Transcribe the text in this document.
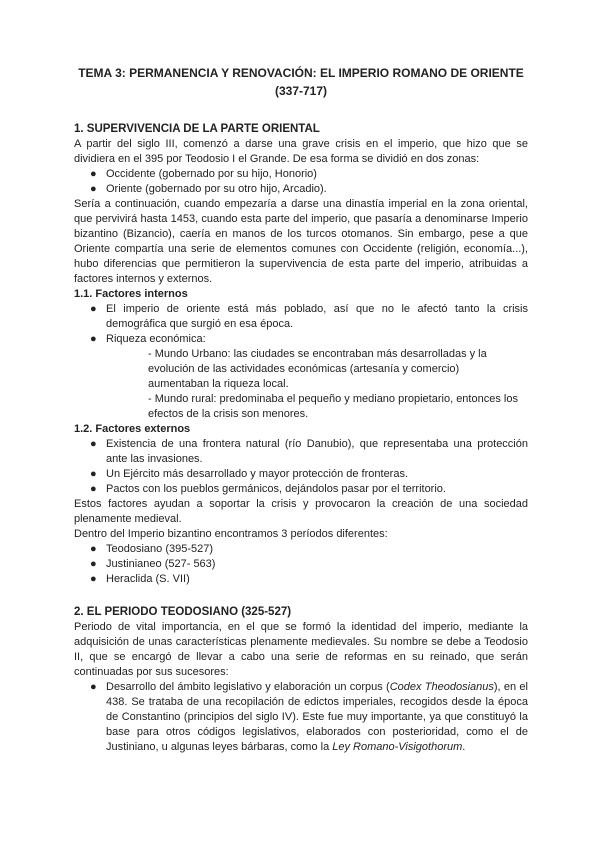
TEMA 3: PERMANENCIA Y RENOVACIÓN: EL IMPERIO ROMANO DE ORIENTE
(337-717)
1. SUPERVIVENCIA DE LA PARTE ORIENTAL

A partir del siglo III, comenzó a darse una grave crisis en el imperio, que hizo que se dividiera en el 395 por Teodosio I el Grande. De esa forma se dividió en dos zonas:

● Occidente (gobernado por su hijo, Honorio)
● Oriente (gobernado por su otro hijo, Arcadio).

Sería a continuación, cuando empezaría a darse una dinastía imperial en la zona oriental, que pervivirá hasta 1453, cuando esta parte del imperio, que pasaría a denominarse Imperio bizantino (Bizancio), caería en manos de los turcos otomanos. Sin embargo, pese a que Oriente compartía una serie de elementos comunes con Occidente (religión, economía...), hubo diferencias que permitieron la supervivencia de esta parte del imperio, atribuidas a factores internos y externos.

1.1. Factores internos
● El imperio de oriente está más poblado, así que no le afectó tanto la crisis demográfica que surgió en esa época.
● Riqueza económica:
- Mundo Urbano: las ciudades se encontraban más desarrolladas y la evolución de las actividades económicas (artesanía y comercio) aumentaban la riqueza local.
- Mundo rural: predominaba el pequeño y mediano propietario, entonces los efectos de la crisis son menores.
1.2. Factores externos
● Existencia de una frontera natural (río Danubio), que representaba una protección ante las invasiones.
● Un Ejército más desarrollado y mayor protección de fronteras.
● Pactos con los pueblos germánicos, dejándolos pasar por el territorio.

Estos factores ayudan a soportar la crisis y provocaron la creación de una sociedad plenamente medieval.

Dentro del Imperio bizantino encontramos 3 períodos diferentes:

● Teodosiano (395-527)
● Justinianeo (527- 563)
● Heraclida (S. VII)
2. EL PERIODO TEODOSIANO (325-527)

Periodo de vital importancia, en el que se formó la identidad del imperio, mediante la adquisición de unas características plenamente medievales. Su nombre se debe a Teodosio II, que se encargó de llevar a cabo una serie de reformas en su reinado, que serán continuadas por sus sucesores:

● Desarrollo del ámbito legislativo y elaboración un corpus (Codex Theodosianus), en el 438. Se trataba de una recopilación de edictos imperiales, recogidos desde la época de Constantino (principios del siglo IV). Este fue muy importante, ya que constituyó la base para otros códigos legislativos, elaborados con posterioridad, como el de Justiniano, u algunas leyes bárbaras, como la Ley Romano-Visigothorum.
